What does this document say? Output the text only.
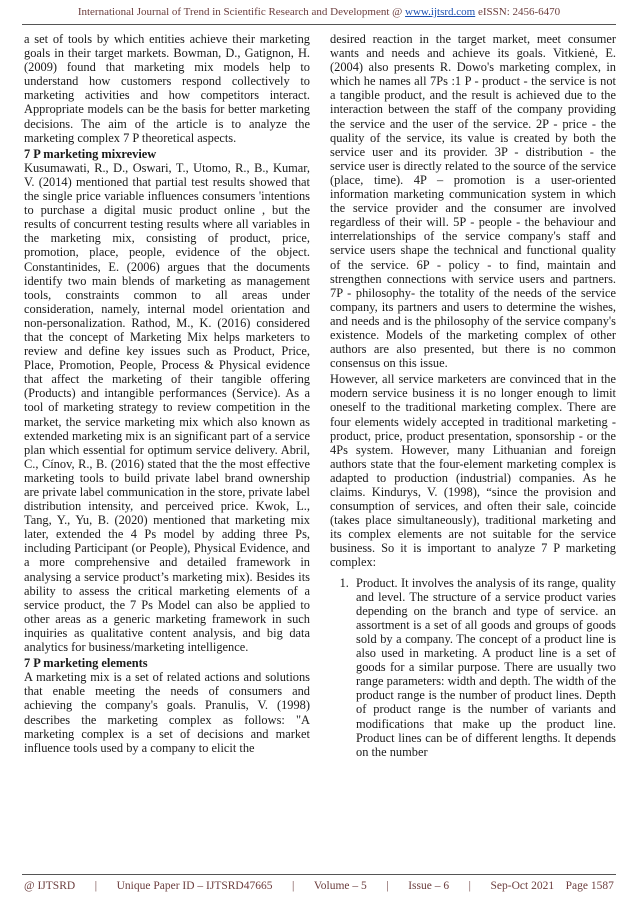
International Journal of Trend in Scientific Research and Development @ www.ijtsrd.com eISSN: 2456-6470

a set of tools by which entities achieve their marketing goals in their target markets. Bowman, D., Gatignon, H. (2009) found that marketing mix models help to understand how customers respond collectively to marketing activities and how competitors interact. Appropriate models can be the basis for better marketing decisions. The aim of the article is to analyze the marketing complex 7 P theoretical aspects.

7 P marketing mixreview

Kusumawati, R., D., Oswari, T., Utomo, R., B., Kumar, V. (2014) mentioned that partial test results showed that the single price variable influences consumers 'intentions to purchase a digital music product online , but the results of concurrent testing results where all variables in the marketing mix, consisting of product, price, promotion, place, people, evidence of the object. Constantinides, E. (2006) argues that the documents identify two main blends of marketing as management tools, constraints common to all areas under consideration, namely, internal model orientation and non-personalization. Rathod, M., K. (2016) considered that the concept of Marketing Mix helps marketers to review and define key issues such as Product, Price, Place, Promotion, People, Process & Physical evidence that affect the marketing of their tangible offering (Products) and intangible performances (Service). As a tool of marketing strategy to review competition in the market, the service marketing mix which also known as extended marketing mix is an significant part of a service plan which essential for optimum service delivery. Abril, C., Cínov, R., B. (2016) stated that the the most effective marketing tools to build private label brand ownership are private label communication in the store, private label distribution intensity, and perceived price. Kwok, L., Tang, Y., Yu, B. (2020) mentioned that marketing mix later, extended the 4 Ps model by adding three Ps, including Participant (or People), Physical Evidence, and a more comprehensive and detailed framework in analysing a service product’s marketing mix). Besides its ability to assess the critical marketing elements of a service product, the 7 Ps Model can also be applied to other areas as a generic marketing framework in such inquiries as qualitative content analysis, and big data analytics for business/marketing intelligence.

7 P marketing elements

A marketing mix is a set of related actions and solutions that enable meeting the needs of consumers and achieving the company's goals. Pranulis, V. (1998) describes the marketing complex as follows: "A marketing complex is a set of decisions and market influence tools used by a company to elicit the

desired reaction in the target market, meet consumer wants and needs and achieve its goals. Vitkienė, E. (2004) also presents R. Dowo's marketing complex, in which he names all 7Ps :1 P - product - the service is not a tangible product, and the result is achieved due to the interaction between the staff of the company providing the service and the user of the service. 2P - price - the quality of the service, its value is created by both the service user and its provider. 3P - distribution - the service user is directly related to the source of the service (place, time). 4P – promotion is a user-oriented information marketing communication system in which the service provider and the consumer are involved regardless of their will. 5P - people - the behaviour and interrelationships of the service company's staff and service users shape the technical and functional quality of the service. 6P - policy - to find, maintain and strengthen connections with service users and partners. 7P - philosophy- the totality of the needs of the service company, its partners and users to determine the wishes, and needs and is the philosophy of the service company's existence. Models of the marketing complex of other authors are also presented, but there is no common consensus on this issue.

However, all service marketers are convinced that in the modern service business it is no longer enough to limit oneself to the traditional marketing complex. There are four elements widely accepted in traditional marketing - product, price, product presentation, sponsorship - or the 4Ps system. However, many Lithuanian and foreign authors state that the four-element marketing complex is adapted to production (industrial) companies. As he claims. Kindurys, V. (1998), “since the provision and consumption of services, and often their sale, coincide (takes place simultaneously), traditional marketing and its complex elements are not suitable for the service business. So it is important to analyze 7 P marketing complex:

1. Product. It involves the analysis of its range, quality and level. The structure of a service product varies depending on the branch and type of service. an assortment is a set of all goods and groups of goods sold by a company. The concept of a product line is also used in marketing. A product line is a set of goods for a similar purpose. There are usually two range parameters: width and depth. The width of the product range is the number of product lines. Depth of product range is the number of variants and modifications that make up the product line. Product lines can be of different lengths. It depends on the number
@ IJTSRD | Unique Paper ID – IJTSRD47665 | Volume – 5 | Issue – 6 | Sep-Oct 2021 Page 1587
